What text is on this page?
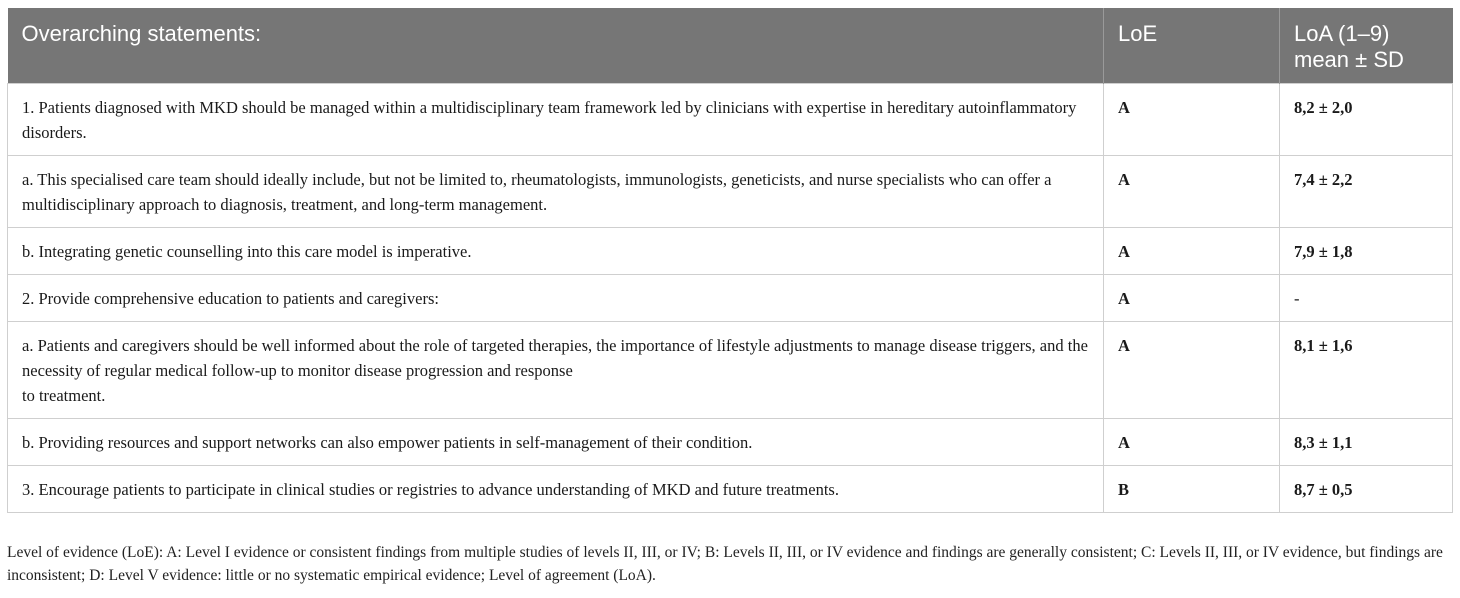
Overarching statements:	LoE	LoA (1–9)
mean ± SD
1. Patients diagnosed with MKD should be managed within a multidisciplinary team framework led by clinicians with expertise in hereditary autoinflammatory disorders.	A	8,2 ± 2,0
a. This specialised care team should ideally include, but not be limited to, rheumatologists, immunologists, geneticists, and nurse specialists who can offer a multidisciplinary approach to diagnosis, treatment, and long-term management.	A	7,4 ± 2,2
b. Integrating genetic counselling into this care model is imperative.	A	7,9 ± 1,8
2. Provide comprehensive education to patients and caregivers:	A	-
a. Patients and caregivers should be well informed about the role of targeted therapies, the importance of lifestyle adjustments to manage disease triggers, and the necessity of regular medical follow-up to monitor disease progression and response
to treatment.	A	8,1 ± 1,6
b. Providing resources and support networks can also empower patients in self-management of their condition.	A	8,3 ± 1,1
3. Encourage patients to participate in clinical studies or registries to advance understanding of MKD and future treatments.	B	8,7 ± 0,5
Level of evidence (LoE): A: Level I evidence or consistent findings from multiple studies of levels II, III, or IV; B: Levels II, III, or IV evidence and findings are generally consistent; C: Levels II, III, or IV evidence, but findings are inconsistent; D: Level V evidence: little or no systematic empirical evidence; Level of agreement (LoA).
